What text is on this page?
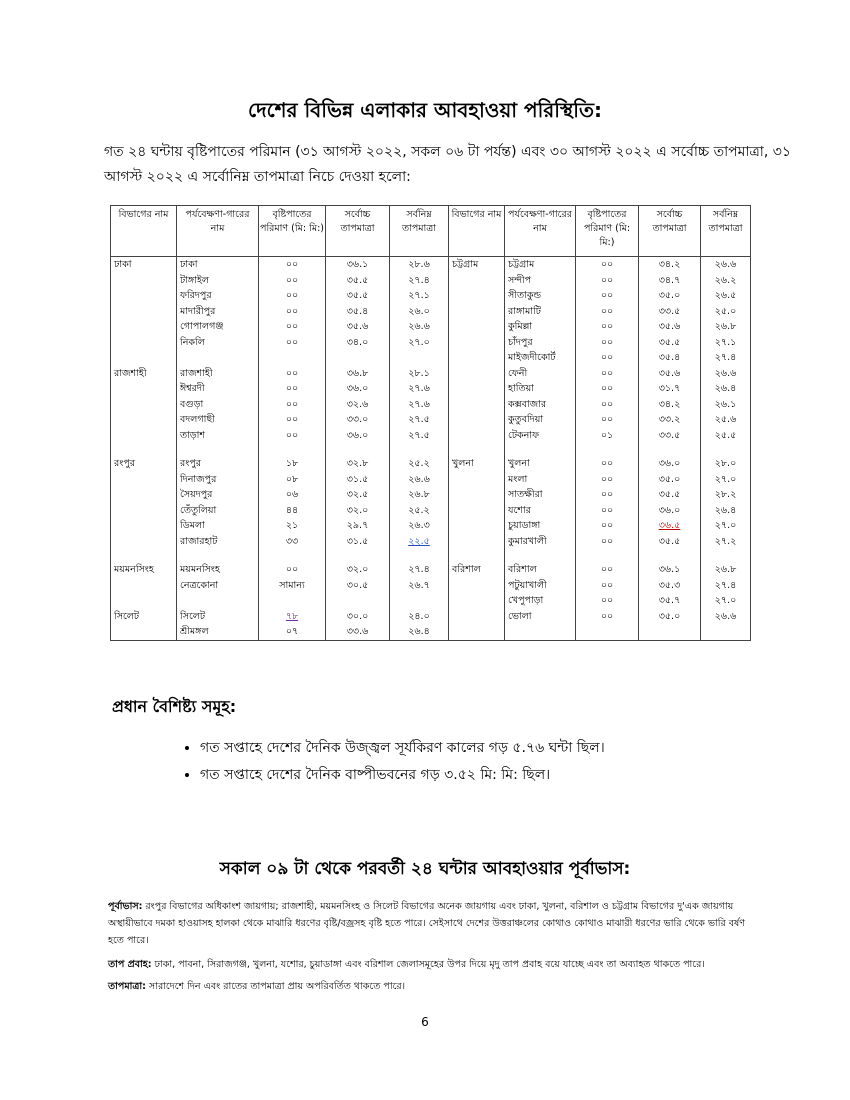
দেশের বিভিন্ন এলাকার আবহাওয়া পরিস্থিতি:
গত ২৪ ঘন্টায় বৃষ্টিপাতের পরিমান (৩১ আগস্ট ২০২২, সকল ০৬ টা পর্যন্ত) এবং ৩০ আগস্ট ২০২২ এ সর্বোচ্চ তাপমাত্রা, ৩১ আগস্ট ২০২২ এ সর্বোনিম্ন তাপমাত্রা নিচে দেওয়া হলো:
বিভাগের নাম	পর্যবেক্ষণা-গারের নাম	বৃষ্টিপাতের পরিমাণ (মি: মি:)	সর্বোচ্চ তাপমাত্রা	সর্বনিম্ন তাপমাত্রা	বিভাগের নাম	পর্যবেক্ষণা-গারের নাম	বৃষ্টিপাতের পরিমাণ (মি: মি:)	সর্বোচ্চ তাপমাত্রা	সর্বনিম্ন তাপমাত্রা
ঢাকা	ঢাকা	০০	৩৬.১	২৮.৬	চট্টগ্রাম	চট্টগ্রাম	০০	৩৪.২	২৬.৬
	টাঙ্গাইল	০০	৩৫.৫	২৭.৪		সন্দীপ	০০	৩৪.৭	২৬.২
	ফরিদপুর	০০	৩৫.৫	২৭.১		সীতাকুন্ড	০০	৩৫.০	২৬.৫
	মাদারীপুর	০০	৩৫.৪	২৬.০		রাঙ্গামাটি	০০	৩৩.৫	২৫.০
	গোপালগঞ্জ	০০	৩৫.৬	২৬.৬		কুমিল্লা	০০	৩৫.৬	২৬.৮
	নিকলি	০০	৩৪.০	২৭.০		চাঁদপুর	০০	৩৫.৫	২৭.১
						মাইজদীকোর্ট	০০	৩৫.৪	২৭.৪
রাজশাহী	রাজশাহী	০০	৩৬.৮	২৮.১		ফেনী	০০	৩৫.৬	২৬.৬
	ঈশ্বরদী	০০	৩৬.০	২৭.৬		হাতিয়া	০০	৩১.৭	২৬.৪
	বগুড়া	০০	৩২.৬	২৭.৬		কক্সবাজার	০০	৩৪.২	২৬.১
	বদলগাছী	০০	৩৩.০	২৭.৫		কুতুবদিয়া	০০	৩৩.২	২৫.৬
	তাড়াশ	০০	৩৬.০	২৭.৫		টেকনাফ	০১	৩৩.৫	২৫.৫

রংপুর	রংপুর	১৮	৩২.৮	২৫.২	খুলনা	খুলনা	০০	৩৬.০	২৮.০
	দিনাজপুর	০৮	৩১.৫	২৬.৬		মংলা	০০	৩৫.০	২৭.০
	সৈয়দপুর	০৬	৩২.৫	২৬.৮		সাতক্ষীরা	০০	৩৫.৫	২৮.২
	তেঁতুলিয়া	৪৪	৩২.০	২৫.২		যশোর	০০	৩৬.০	২৬.৪
	ডিমলা	২১	২৯.৭	২৬.৩		চুয়াডাঙ্গা	০০	৩৬.৫	২৭.০
	রাজারহাট	৩৩	৩১.৫	২২.৫		কুমারখালী	০০	৩৫.৫	২৭.২

ময়মনসিংহ	ময়মনসিংহ	০০	৩২.০	২৭.৪	বরিশাল	বরিশাল	০০	৩৬.১	২৬.৮
	নেত্রকোনা	সামান্য	৩০.৫	২৬.৭		পটুয়াখালী	০০	৩৫.৩	২৭.৪
						খেপুপাড়া	০০	৩৫.৭	২৭.০
সিলেট	সিলেট	৭৮	৩০.০	২৪.০		ভোলা	০০	৩৫.০	২৬.৬
	শ্রীমঙ্গল	০৭	৩৩.৬	২৬.৪					
প্রধান বৈশিষ্ট্য সমূহ:
• গত সপ্তাহে দেশের দৈনিক উজ্জ্বল সূর্যকিরণ কালের গড় ৫.৭৬ ঘন্টা ছিল।
• গত সপ্তাহে দেশের দৈনিক বাষ্পীভবনের গড় ৩.৫২ মি: মি: ছিল।
সকাল ০৯ টা থেকে পরবর্তী ২৪ ঘন্টার আবহাওয়ার পূর্বাভাস:
পূর্বাভাস: রংপুর বিভাগের অধিকাংশ জায়গায়; রাজশাহী, ময়মনসিংহ ও সিলেট বিভাগের অনেক জায়গায় এবং ঢাকা, খুলনা, বরিশাল ও চট্টগ্রাম বিভাগের দু'এক জায়গায় অস্থায়ীভাবে দমকা হাওয়াসহ হালকা থেকে মাঝারি ধরণের বৃষ্টি/বজ্রসহ বৃষ্টি হতে পারে। সেইসাথে দেশের উত্তরাঞ্চলের কোথাও কোথাও মাঝারী ধরণের ভারি থেকে ভারি বর্ষণ হতে পারে।
তাপ প্রবাহ: ঢাকা, পাবনা, সিরাজগঞ্জ, খুলনা, যশোর, চুয়াডাঙ্গা এবং বরিশাল জেলাসমূহের উপর দিয়ে মৃদু তাপ প্রবাহ বয়ে যাচ্ছে এবং তা অব্যাহত থাকতে পারে।
তাপমাত্রা: সারাদেশে দিন এবং রাতের তাপমাত্রা প্রায় অপরিবর্তিত থাকতে পারে।
6
